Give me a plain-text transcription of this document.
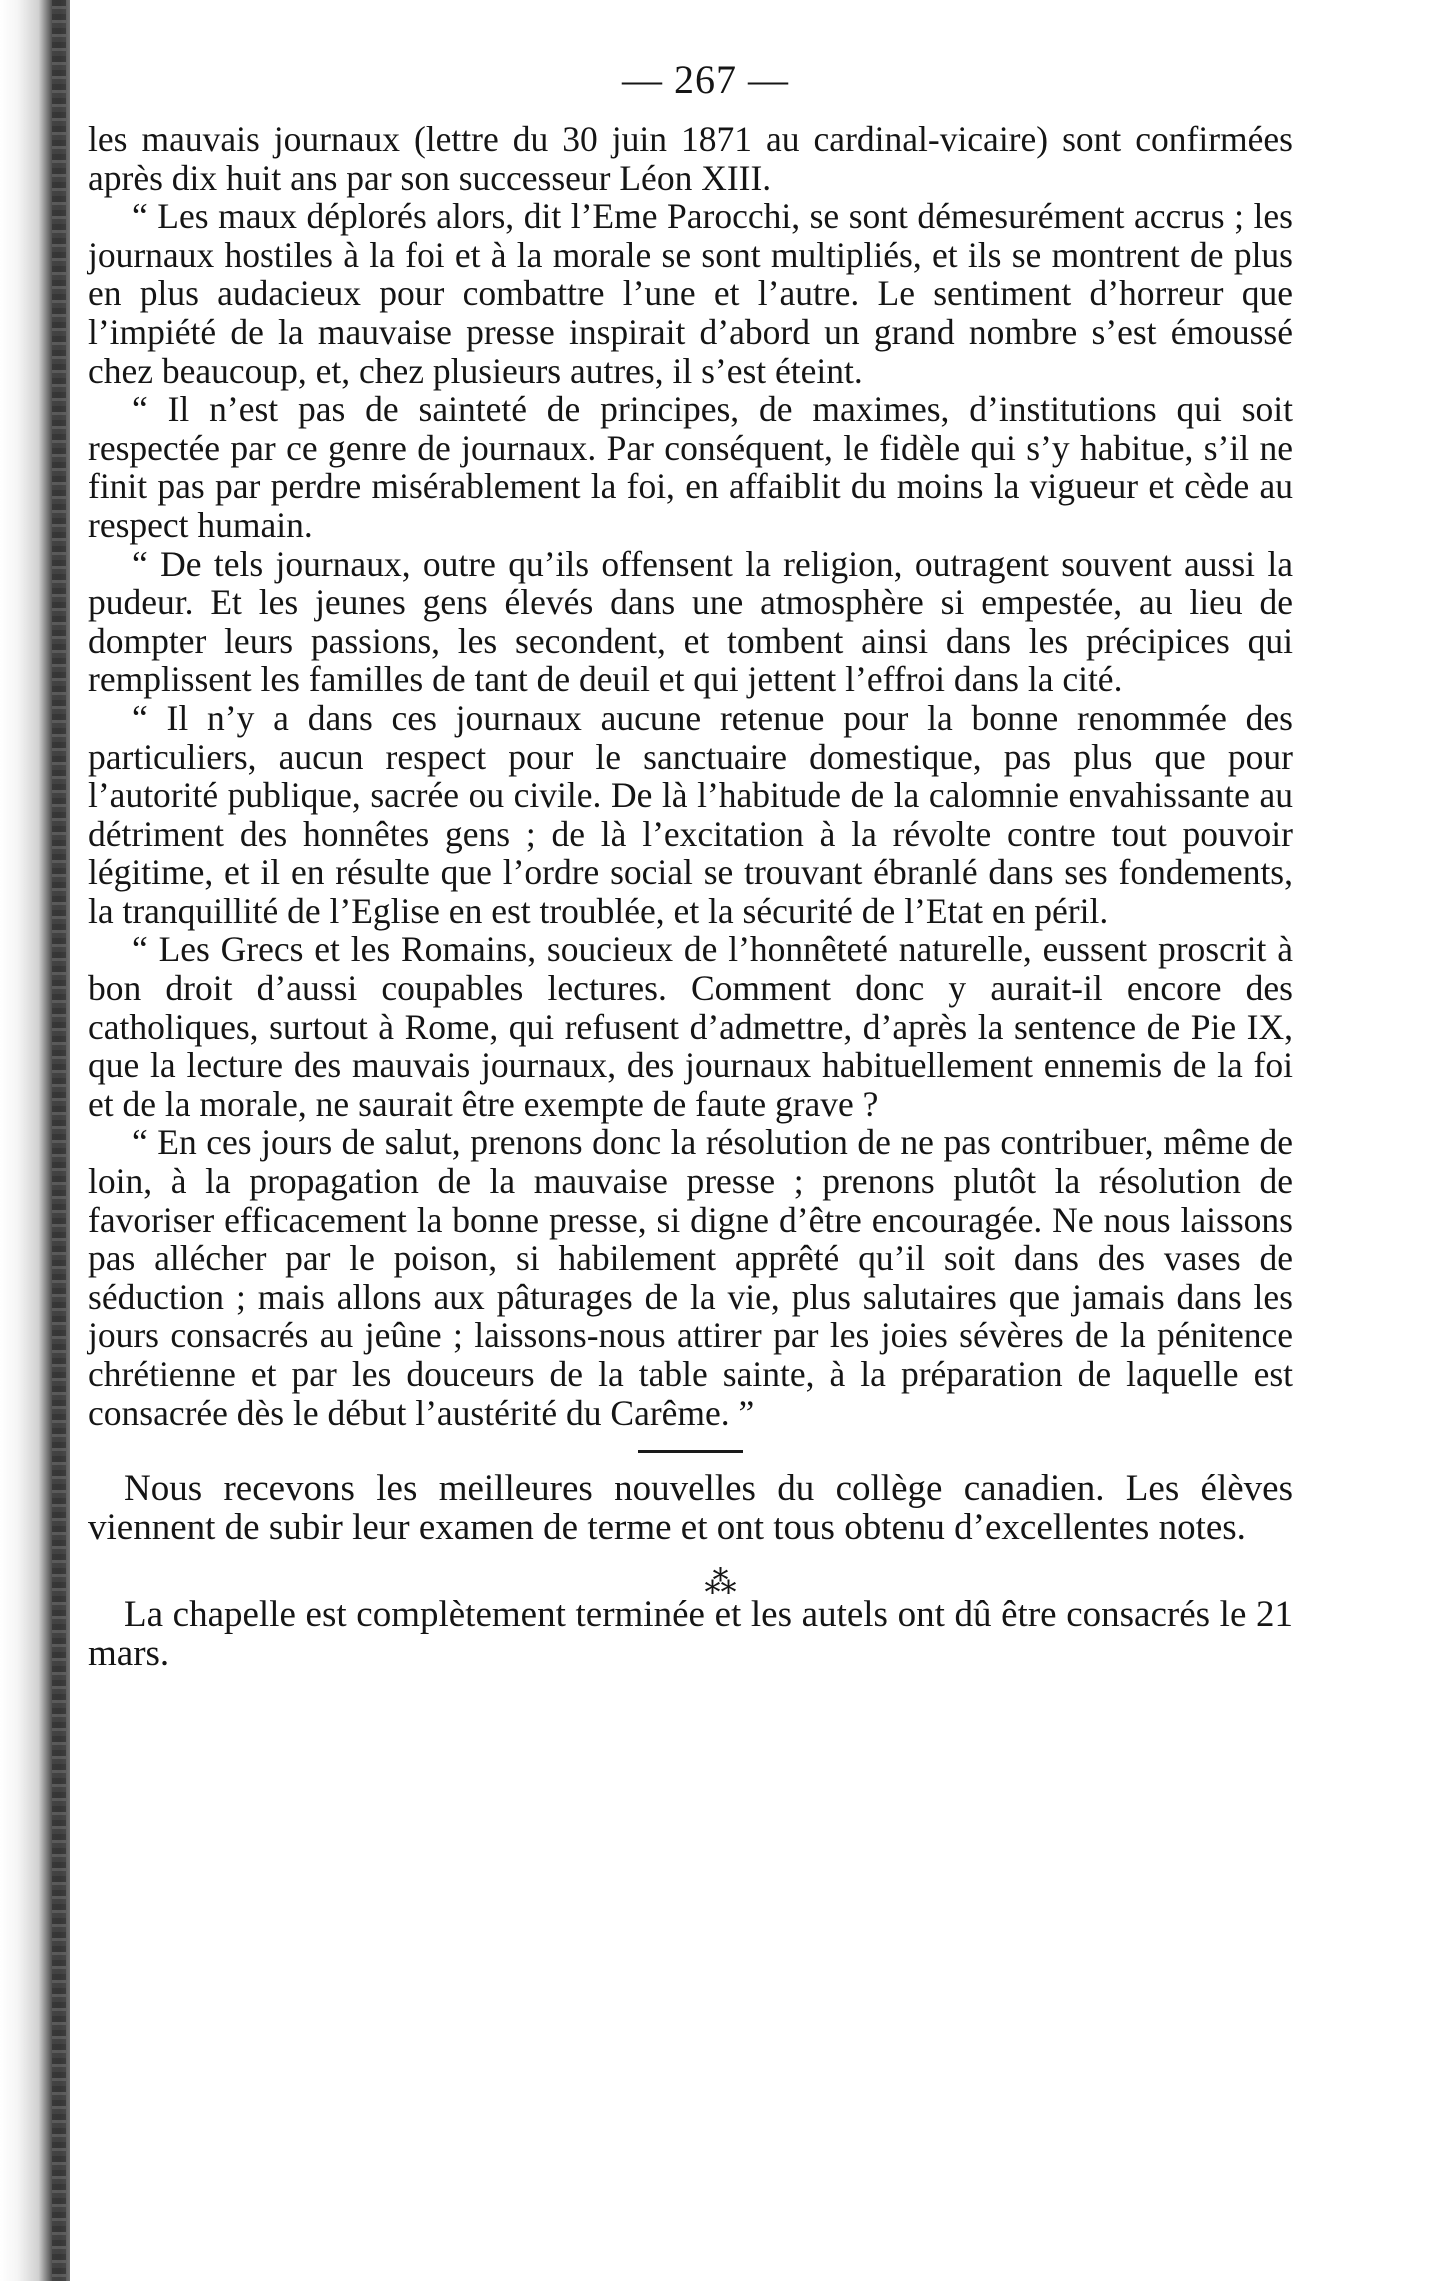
— 267 —

les mauvais journaux (lettre du 30 juin 1871 au cardinal-vicaire) sont confirmées après dix huit ans par son successeur Léon XIII.

“ Les maux déplorés alors, dit l’Eme Parocchi, se sont démesurément accrus ; les journaux hostiles à la foi et à la morale se sont multipliés, et ils se montrent de plus en plus audacieux pour combattre l’une et l’autre. Le sentiment d’horreur que l’impiété de la mauvaise presse inspirait d’abord un grand nombre s’est émoussé chez beaucoup, et, chez plusieurs autres, il s’est éteint.

“ Il n’est pas de sainteté de principes, de maximes, d’institutions qui soit respectée par ce genre de journaux. Par conséquent, le fidèle qui s’y habitue, s’il ne finit pas par perdre misérablement la foi, en affaiblit du moins la vigueur et cède au respect humain.

“ De tels journaux, outre qu’ils offensent la religion, outragent souvent aussi la pudeur. Et les jeunes gens élevés dans une atmosphère si empestée, au lieu de dompter leurs passions, les secondent, et tombent ainsi dans les précipices qui remplissent les familles de tant de deuil et qui jettent l’effroi dans la cité.

“ Il n’y a dans ces journaux aucune retenue pour la bonne renommée des particuliers, aucun respect pour le sanctuaire domestique, pas plus que pour l’autorité publique, sacrée ou civile. De là l’habitude de la calomnie envahissante au détriment des honnêtes gens ; de là l’excitation à la révolte contre tout pouvoir légitime, et il en résulte que l’ordre social se trouvant ébranlé dans ses fondements, la tranquillité de l’Eglise en est troublée, et la sécurité de l’Etat en péril.

“ Les Grecs et les Romains, soucieux de l’honnêteté naturelle, eussent proscrit à bon droit d’aussi coupables lectures. Comment donc y aurait-il encore des catholiques, surtout à Rome, qui refusent d’admettre, d’après la sentence de Pie IX, que la lecture des mauvais journaux, des journaux habituellement ennemis de la foi et de la morale, ne saurait être exempte de faute grave ?

“ En ces jours de salut, prenons donc la résolution de ne pas contribuer, même de loin, à la propagation de la mauvaise presse ; prenons plutôt la résolution de favoriser efficacement la bonne presse, si digne d’être encouragée. Ne nous laissons pas allécher par le poison, si habilement apprêté qu’il soit dans des vases de séduction ; mais allons aux pâturages de la vie, plus salutaires que jamais dans les jours consacrés au jeûne ; laissons-nous attirer par les joies sévères de la pénitence chrétienne et par les douceurs de la table sainte, à la préparation de laquelle est consacrée dès le début l’austérité du Carême. ”

Nous recevons les meilleures nouvelles du collège canadien. Les élèves viennent de subir leur examen de terme et ont tous obtenu d’excellentes notes.

⁂

La chapelle est complètement terminée et les autels ont dû être consacrés le 21 mars.
